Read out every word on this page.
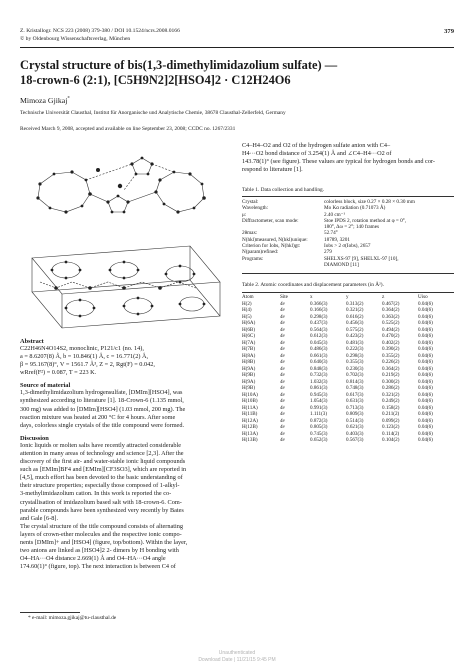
Z. Kristallogr. NCS 223 (2008) 379-380 / DOI 10.1524/ncrs.2008.0166
© by Oldenbourg Wissenschaftsverlag, München
379
Crystal structure of bis(1,3-dimethylimidazolium sulfate) —
18-crown-6 (2:1), [C5H9N2]2[HSO4]2 · C12H24O6
Mimoza Gjikaj*
Technische Universität Clausthal, Institut für Anorganische und Analytische Chemie, 38678 Clausthal-Zellerfeld, Germany
Received March 9, 2008, accepted and available on line September 23, 2008; CCDC no. 1267/2331
Abstract
C22H46N4O14S2, monoclinic, P121/c1 (no. 14),
a = 8.6207(8) Å, b = 10.846(1) Å, c = 16.771(2) Å,
β = 95.167(8)°, V = 1561.7 Å³, Z = 2, Rgt(F) = 0.042,
wRref(F²) = 0.087, T = 223 K.
Source of material
1,3-dimethylimidazolium hydrogensulfate, [DMIm][HSO4], was
synthesized according to literature [1]. 18-Crown-6 (1.135 mmol,
300 mg) was added to [DMIm][HSO4] (1.03 mmol, 200 mg). The
reaction mixture was heated at 200 °C for 4 hours. After some
days, colorless single crystals of the title compound were formed.
Discussion
Ionic liquids or molten salts have recently attracted considerable
attention in many areas of technology and science [2,3]. After the
discovery of the first air- and water-stable ionic liquid compounds
such as [EMIm]BF4 and [EMIm][CF3SO3], which are reported in
[4,5], much effort has been devoted to the basic understanding of
their structure properties; especially those composed of 1-alkyl-
3-methylimidazolium cation. In this work is reported the co-
crystallisation of imidazolium based salt with 18-crown-6. Com-
parable compounds have been synthesized very recently by Bates
and Gale [6-8].
The crystal structure of the title compound consists of alternating
layers of crown-ether molecules and the respective ionic compo-
nents [DMIm]+ and [HSO4] (figure, top/bottom). Within the layer,
two anions are linked as [HSO4]2 2- dimers by H bonding with
O4–HA···O4 distance 2.669(1) Å and O4–HA···O4 angle
174.60(1)° (figure, top). The next interaction is between C4 of
* e-mail: mimoza.gjikaj@tu-clausthal.de
C4–H4–O2 and O2 of the hydrogen sulfate anion with C4–
H4···O2 bond distance of 3.254(1) Å and ∠C4–H4···O2 of
143.78(1)° (see figure). These values are typical for hydrogen bonds and cor-
respond to literature [1].
Table 1. Data collection and handling.
Crystal:	colorless block, size 0.27 × 0.28 × 0.30 mm
Wavelength:	Mo Kα radiation (0.71073 Å)
μ:	2.40 cm⁻¹
Diffractometer, scan mode:	Stoe IPDS 2, rotation method at φ = 0°,
	180°, Δω = 2°; 140 frames
2θmax:	52.74°
N(hkl)measured, N(hkl)unique:	18789, 3201
Criterion for Iobs, N(hkl)gt:	Iobs > 2 σ(Iobs), 2657
N(param)refined:	279
Programs:	SHELXS-97 [9], SHELXL-97 [10],
	DIAMOND [11]
Table 2. Atomic coordinates and displacement parameters (in Å²).
Atom	Site	x	y	z	Uiso
H(2)	4e	0.366(3)	0.313(2)	0.467(2)	0.04(6)
H(4)	4e	0.166(3)	0.321(2)	0.364(2)	0.04(6)
H(5)	4e	0.298(3)	0.616(2)	0.363(2)	0.04(6)
H(6A)	4e	0.437(3)	0.456(3)	0.525(2)	0.04(6)
H(6B)	4e	0.564(3)	0.575(2)	0.494(2)	0.04(6)
H(6C)	4e	0.612(3)	0.423(2)	0.470(2)	0.04(6)
H(7A)	4e	0.045(3)	0.481(3)	0.402(2)	0.04(6)
H(7B)	4e	0.486(3)	0.222(3)	0.390(2)	0.04(6)
H(8A)	4e	0.661(3)	0.298(3)	0.355(2)	0.04(6)
H(8B)	4e	0.640(3)	0.355(3)	0.226(2)	0.04(6)
H(9A)	4e	0.848(3)	0.230(3)	0.364(2)	0.04(6)
H(9B)	4e	0.732(3)	0.702(3)	0.219(2)	0.04(6)
H(9A)	4e	1.032(3)	0.814(3)	0.300(2)	0.04(6)
H(9B)	4e	0.861(3)	0.748(3)	0.286(2)	0.04(6)
H(10A)	4e	0.945(3)	0.617(3)	0.321(2)	0.04(6)
H(10B)	4e	1.054(3)	0.631(3)	0.249(2)	0.04(6)
H(11A)	4e	0.991(3)	0.713(3)	0.158(2)	0.04(6)
H(11B)	4e	1.111(3)	0.809(3)	0.211(2)	0.04(6)
H(12A)	4e	0.872(3)	0.514(3)	0.099(2)	0.04(6)
H(12B)	4e	0.805(3)	0.621(3)	0.123(2)	0.04(6)
H(13A)	4e	0.745(3)	0.403(3)	0.114(2)	0.04(6)
H(13B)	4e	0.652(3)	0.567(3)	0.104(2)	0.04(6)
Unauthenticated
Download Date | 11/21/15 9:45 PM
